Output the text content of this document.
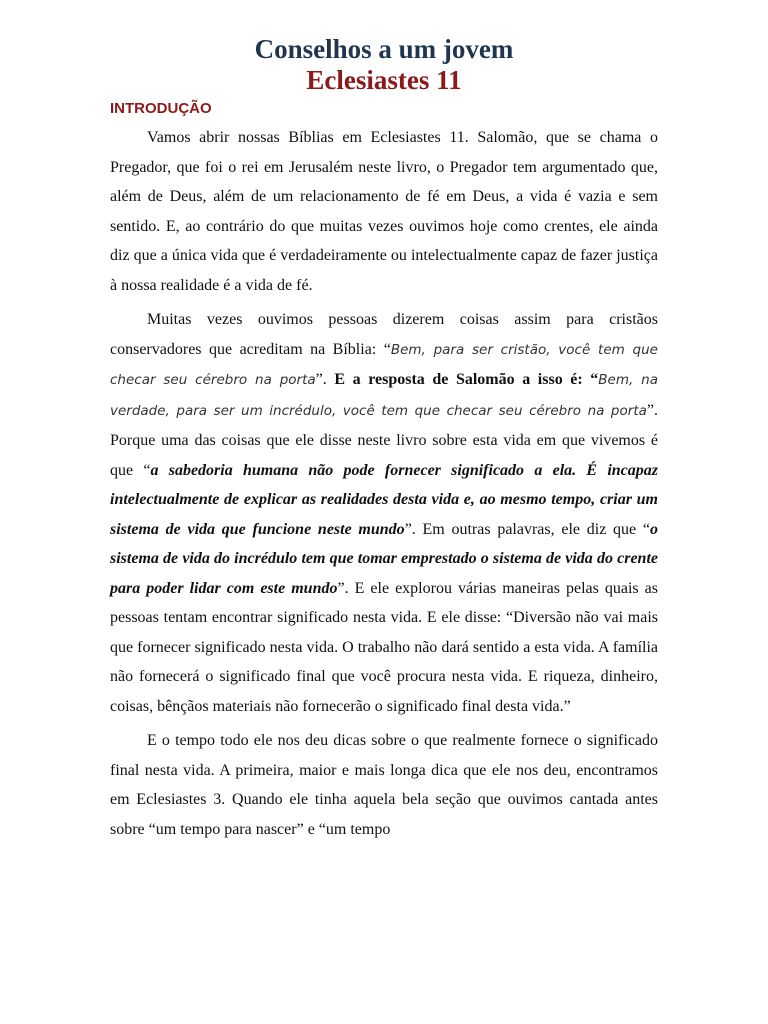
Conselhos a um jovem
Eclesiastes 11
INTRODUÇÃO

Vamos abrir nossas Bíblias em Eclesiastes 11. Salomão, que se chama o Pregador, que foi o rei em Jerusalém neste livro, o Pregador tem argumentado que, além de Deus, além de um relacionamento de fé em Deus, a vida é vazia e sem sentido. E, ao contrário do que muitas vezes ouvimos hoje como crentes, ele ainda diz que a única vida que é verdadeiramente ou intelectualmente capaz de fazer justiça à nossa realidade é a vida de fé.

Muitas vezes ouvimos pessoas dizerem coisas assim para cristãos conservadores que acreditam na Bíblia: “Bem, para ser cristão, você tem que checar seu cérebro na porta”. E a resposta de Salomão a isso é: “Bem, na verdade, para ser um incrédulo, você tem que checar seu cérebro na porta”. Porque uma das coisas que ele disse neste livro sobre esta vida em que vivemos é que “a sabedoria humana não pode fornecer significado a ela. É incapaz intelectualmente de explicar as realidades desta vida e, ao mesmo tempo, criar um sistema de vida que funcione neste mundo”. Em outras palavras, ele diz que “o sistema de vida do incrédulo tem que tomar emprestado o sistema de vida do crente para poder lidar com este mundo”. E ele explorou várias maneiras pelas quais as pessoas tentam encontrar significado nesta vida. E ele disse: “Diversão não vai mais que fornecer significado nesta vida. O trabalho não dará sentido a esta vida. A família não fornecerá o significado final que você procura nesta vida. E riqueza, dinheiro, coisas, bênçãos materiais não fornecerão o significado final desta vida.”

E o tempo todo ele nos deu dicas sobre o que realmente fornece o significado final nesta vida. A primeira, maior e mais longa dica que ele nos deu, encontramos em Eclesiastes 3. Quando ele tinha aquela bela seção que ouvimos cantada antes sobre “um tempo para nascer” e “um tempo
